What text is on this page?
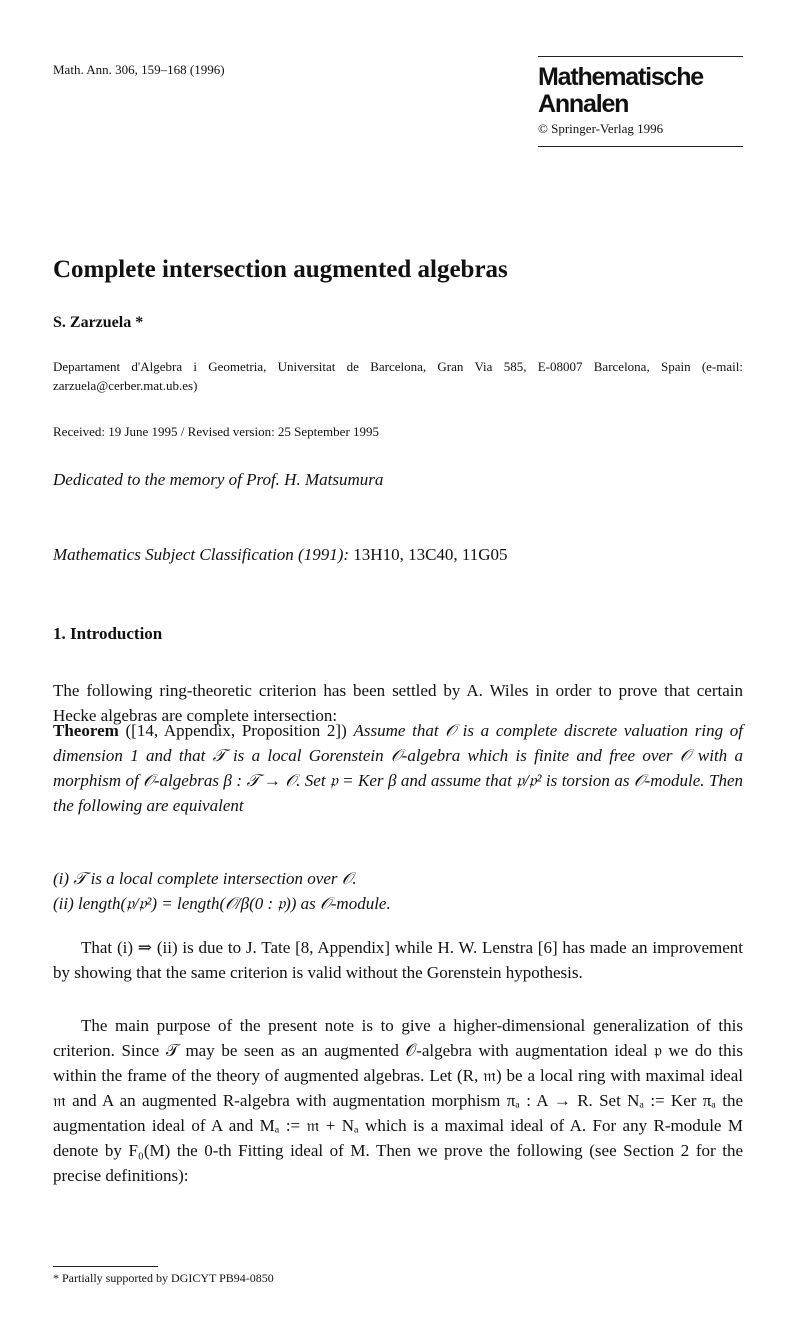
Math. Ann. 306, 159–168 (1996)	Mathematische
Annalen
© Springer-Verlag 1996
Complete intersection augmented algebras
S. Zarzuela *
Departament d'Algebra i Geometria, Universitat de Barcelona, Gran Via 585, E-08007 Barcelona, Spain (e-mail: zarzuela@cerber.mat.ub.es)
Received: 19 June 1995 / Revised version: 25 September 1995
Dedicated to the memory of Prof. H. Matsumura
Mathematics Subject Classification (1991): 13H10, 13C40, 11G05
1. Introduction
The following ring-theoretic criterion has been settled by A. Wiles in order to prove that certain Hecke algebras are complete intersection:
Theorem ([14, Appendix, Proposition 2]) Assume that 𝒪 is a complete discrete valuation ring of dimension 1 and that 𝒯 is a local Gorenstein 𝒪-algebra which is finite and free over 𝒪 with a morphism of 𝒪-algebras β : 𝒯 → 𝒪. Set 𝔭 = Ker β and assume that 𝔭/𝔭² is torsion as 𝒪-module. Then the following are equivalent
(i) 𝒯 is a local complete intersection over 𝒪.
(ii) length(𝔭/𝔭²) = length(𝒪/β(0 : 𝔭)) as 𝒪-module.
That (i) ⇒ (ii) is due to J. Tate [8, Appendix] while H. W. Lenstra [6] has made an improvement by showing that the same criterion is valid without the Gorenstein hypothesis.
The main purpose of the present note is to give a higher-dimensional generalization of this criterion. Since 𝒯 may be seen as an augmented 𝒪-algebra with augmentation ideal 𝔭 we do this within the frame of the theory of augmented algebras. Let (R, 𝔪) be a local ring with maximal ideal 𝔪 and A an augmented R-algebra with augmentation morphism πₐ : A → R. Set Nₐ := Ker πₐ the augmentation ideal of A and Mₐ := 𝔪 + Nₐ which is a maximal ideal of A. For any R-module M denote by F₀(M) the 0-th Fitting ideal of M. Then we prove the following (see Section 2 for the precise definitions):
* Partially supported by DGICYT PB94-0850
